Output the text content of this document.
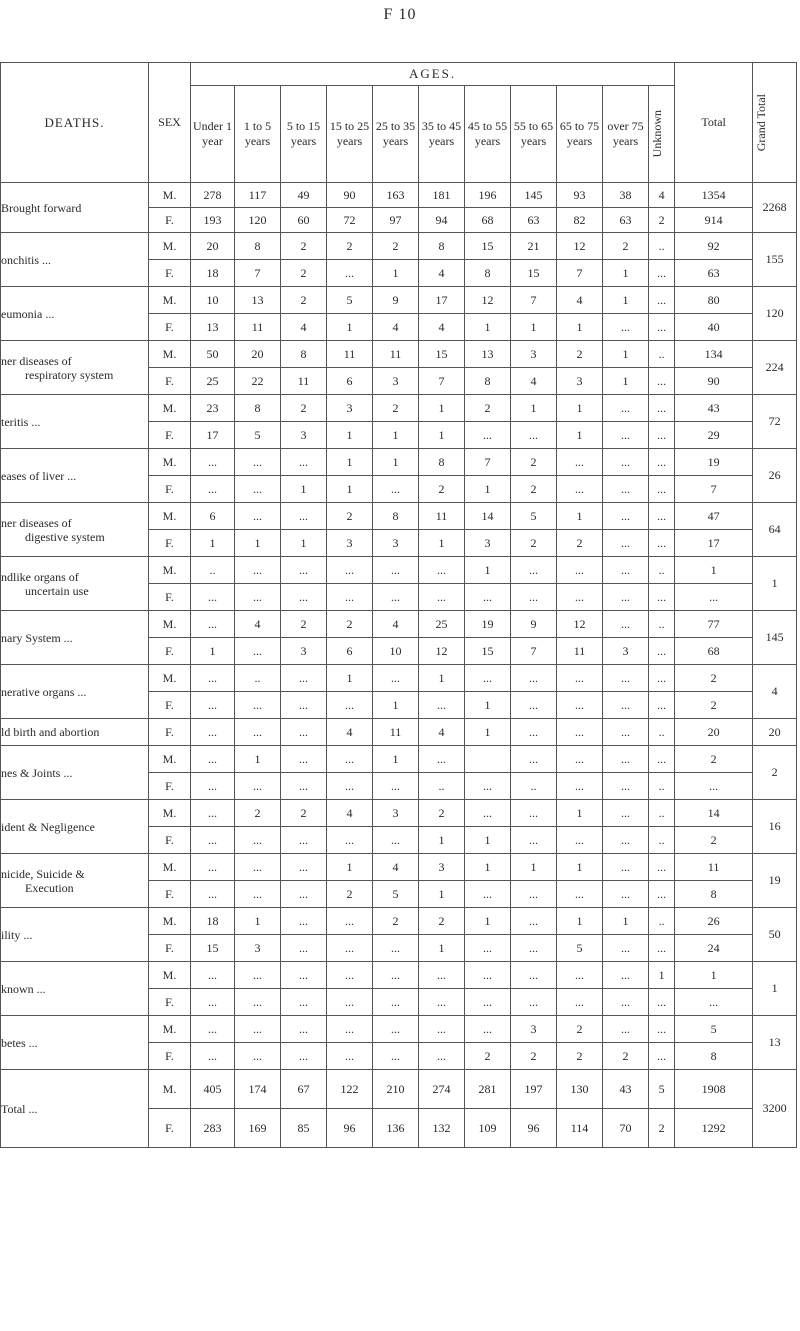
F 10
DEATHS.	SEX	AGES.											Total	Grand Total

		Under 1 year	1 to 5 years	5 to 15 years	15 to 25 years	25 to 35 years	35 to 45 years	45 to 55 years	55 to 65 years	65 to 75 years	over 75 years	Unknown		

Brought forward	M.	278	117	49	90	163	181	196	145	93	38	4	1354	2268
	F.	193	120	60	72	97	94	68	63	82	63	2	914	
onchitis ...	M.	20	8	2	2	2	8	15	21	12	2	..	92	155
	F.	18	7	2	...	1	4	8	15	7	1	...	63	
eumonia ...	M.	10	13	2	5	9	17	12	7	4	1	...	80	120
	F.	13	11	4	1	4	4	1	1	1	...	...	40	
ner diseases of
respiratory system	M.	50	20	8	11	11	15	13	3	2	1	..	134	224
	F.	25	22	11	6	3	7	8	4	3	1	...	90	
teritis ...	M.	23	8	2	3	2	1	2	1	1	...	...	43	72
	F.	17	5	3	1	1	1	...	...	1	...	...	29	
eases of liver ...	M.	...	...	...	1	1	8	7	2	...	...	...	19	26
	F.	...	...	1	1	...	2	1	2	...	...	...	7	
ner diseases of
digestive system	M.	6	...	...	2	8	11	14	5	1	...	...	47	64
	F.	1	1	1	3	3	1	3	2	2	...	...	17	
ndlike organs of
uncertain use	M.	..	...	...	...	...	...	1	...	...	...	..	1	1
	F.	...	...	...	...	...	...	...	...	...	...	...	...	
nary System ...	M.	...	4	2	2	4	25	19	9	12	...	..	77	145
	F.	1	...	3	6	10	12	15	7	11	3	...	68	
nerative organs ...	M.	...	..	...	1	...	1	...	...	...	...	...	2	4
	F.	...	...	...	...	1	...	1	...	...	...	...	2	
ld birth and abortion	F.	...	...	...	4	11	4	1	...	...	...	..	20	20
nes & Joints ...	M.	...	1	...	...	1	...		...	...	...	...	2	2
	F.	...	...	...	...	...	..	...	..	...	...	..	...	
ident & Negligence	M.	...	2	2	4	3	2	...	...	1	...	..	14	16
	F.	...	...	...	...	...	1	1	...	...	...	..	2	
nicide, Suicide &
Execution	M.	...	...	...	1	4	3	1	1	1	...	...	11	19
	F.	...	...	...	2	5	1	...	...	...	...	...	8	
ility ...	M.	18	1	...	...	2	2	1	...	1	1	..	26	50
	F.	15	3	...	...	...	1	...	...	5	...	...	24	
known ...	M.	...	...	...	...	...	...	...	...	...	...	1	1	1
	F.	...	...	...	...	...	...	...	...	...	...	...	...	
betes ...	M.	...	...	...	...	...	...	...	3	2	...	...	5	13
	F.	...	...	...	...	...	...	2	2	2	2	...	8	
Total ...	M.	405	174	67	122	210	274	281	197	130	43	5	1908	3200
	F.	283	169	85	96	136	132	109	96	114	70	2	1292	
